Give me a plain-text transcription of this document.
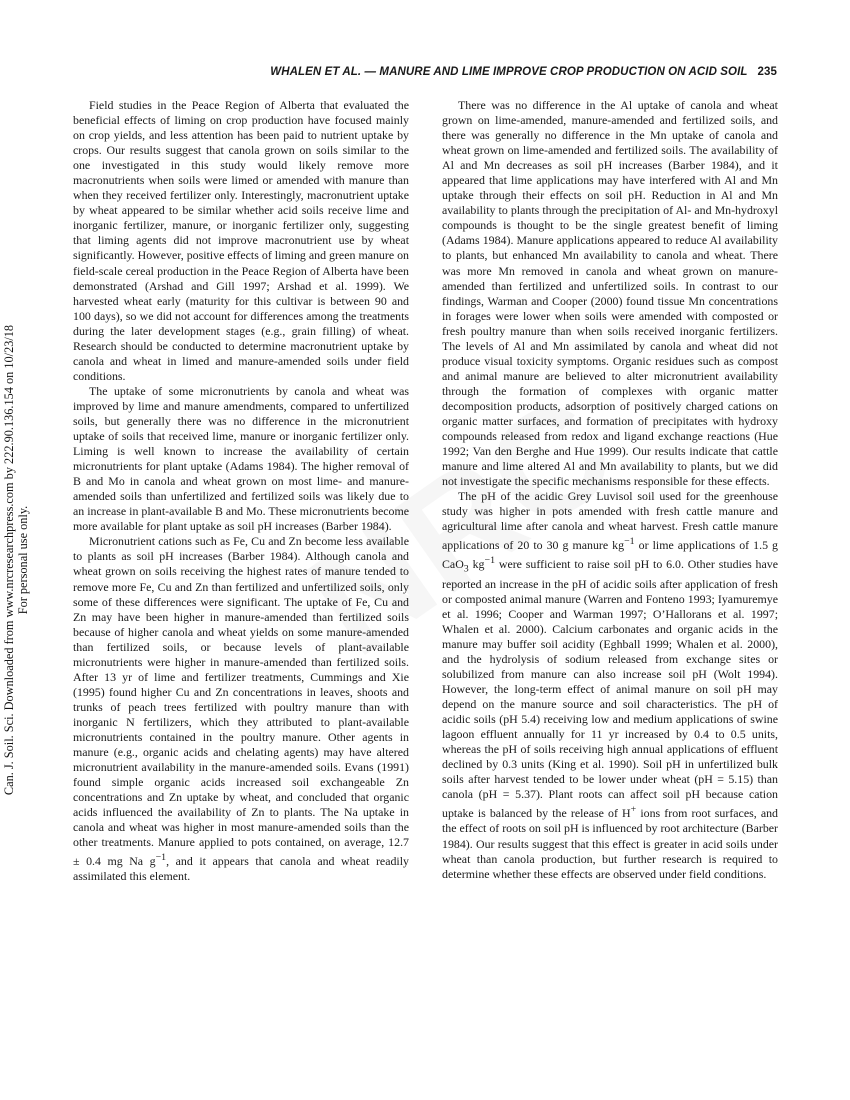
WHALEN ET AL. — MANURE AND LIME IMPROVE CROP PRODUCTION ON ACID SOIL 235
Can. J. Soil. Sci. Downloaded from www.nrcresearchpress.com by 222.90.136.154 on 10/23/18 For personal use only.

Field studies in the Peace Region of Alberta that evaluated the beneficial effects of liming on crop production have focused mainly on crop yields, and less attention has been paid to nutrient uptake by crops. Our results suggest that canola grown on soils similar to the one investigated in this study would likely remove more macronutrients when soils were limed or amended with manure than when they received fertilizer only. Interestingly, macronutrient uptake by wheat appeared to be similar whether acid soils receive lime and inorganic fertilizer, manure, or inorganic fertilizer only, suggesting that liming agents did not improve macronutrient use by wheat significantly. However, positive effects of liming and green manure on field-scale cereal production in the Peace Region of Alberta have been demonstrated (Arshad and Gill 1997; Arshad et al. 1999). We harvested wheat early (maturity for this cultivar is between 90 and 100 days), so we did not account for differences among the treatments during the later development stages (e.g., grain filling) of wheat. Research should be conducted to determine macronutrient uptake by canola and wheat in limed and manure-amended soils under field conditions.

The uptake of some micronutrients by canola and wheat was improved by lime and manure amendments, compared to unfertilized soils, but generally there was no difference in the micronutrient uptake of soils that received lime, manure or inorganic fertilizer only. Liming is well known to increase the availability of certain micronutrients for plant uptake (Adams 1984). The higher removal of B and Mo in canola and wheat grown on most lime- and manure-amended soils than unfertilized and fertilized soils was likely due to an increase in plant-available B and Mo. These micronutrients become more available for plant uptake as soil pH increases (Barber 1984).

Micronutrient cations such as Fe, Cu and Zn become less available to plants as soil pH increases (Barber 1984). Although canola and wheat grown on soils receiving the highest rates of manure tended to remove more Fe, Cu and Zn than fertilized and unfertilized soils, only some of these differences were significant. The uptake of Fe, Cu and Zn may have been higher in manure-amended than fertilized soils because of higher canola and wheat yields on some manure-amended than fertilized soils, or because levels of plant-available micronutrients were higher in manure-amended than fertilized soils. After 13 yr of lime and fertilizer treatments, Cummings and Xie (1995) found higher Cu and Zn concentrations in leaves, shoots and trunks of peach trees fertilized with poultry manure than with inorganic N fertilizers, which they attributed to plant-available micronutrients contained in the poultry manure. Other agents in manure (e.g., organic acids and chelating agents) may have altered micronutrient availability in the manure-amended soils. Evans (1991) found simple organic acids increased soil exchangeable Zn concentrations and Zn uptake by wheat, and concluded that organic acids influenced the availability of Zn to plants. The Na uptake in canola and wheat was higher in most manure-amended soils than the other treatments. Manure applied to pots contained, on average, 12.7 ± 0.4 mg Na $g^{-1}$, and it appears that canola and wheat readily assimilated this element.

There was no difference in the Al uptake of canola and wheat grown on lime-amended, manure-amended and fertilized soils, and there was generally no difference in the Mn uptake of canola and wheat grown on lime-amended and fertilized soils. The availability of Al and Mn decreases as soil pH increases (Barber 1984), and it appeared that lime applications may have interfered with Al and Mn uptake through their effects on soil pH. Reduction in Al and Mn availability to plants through the precipitation of Al- and Mn-hydroxyl compounds is thought to be the single greatest benefit of liming (Adams 1984). Manure applications appeared to reduce Al availability to plants, but enhanced Mn availability to canola and wheat. There was more Mn removed in canola and wheat grown on manure-amended than fertilized and unfertilized soils. In contrast to our findings, Warman and Cooper (2000) found tissue Mn concentrations in forages were lower when soils were amended with composted or fresh poultry manure than when soils received inorganic fertilizers. The levels of Al and Mn assimilated by canola and wheat did not produce visual toxicity symptoms. Organic residues such as compost and animal manure are believed to alter micronutrient availability through the formation of complexes with organic matter decomposition products, adsorption of positively charged cations on organic matter surfaces, and formation of precipitates with hydroxy compounds released from redox and ligand exchange reactions (Hue 1992; Van den Berghe and Hue 1999). Our results indicate that cattle manure and lime altered Al and Mn availability to plants, but we did not investigate the specific mechanisms responsible for these effects.

The pH of the acidic Grey Luvisol soil used for the greenhouse study was higher in pots amended with fresh cattle manure and agricultural lime after canola and wheat harvest. Fresh cattle manure applications of 20 to 30 g manure $kg^{-1}$ or lime applications of 1.5 g CaO$_3$ $kg^{-1}$ were sufficient to raise soil pH to 6.0. Other studies have reported an increase in the pH of acidic soils after application of fresh or composted animal manure (Warren and Fonteno 1993; Iyamuremye et al. 1996; Cooper and Warman 1997; O’Hallorans et al. 1997; Whalen et al. 2000). Calcium carbonates and organic acids in the manure may buffer soil acidity (Eghball 1999; Whalen et al. 2000), and the hydrolysis of sodium released from exchange sites or solubilized from manure can also increase soil pH (Wolt 1994). However, the long-term effect of animal manure on soil pH may depend on the manure source and soil characteristics. The pH of acidic soils (pH 5.4) receiving low and medium applications of swine lagoon effluent annually for 11 yr increased by 0.4 to 0.5 units, whereas the pH of soils receiving high annual applications of effluent declined by 0.3 units (King et al. 1990). Soil pH in unfertilized bulk soils after harvest tended to be lower under wheat (pH = 5.15) than canola (pH = 5.37). Plant roots can affect soil pH because cation uptake is balanced by the release of H+ ions from root surfaces, and the effect of roots on soil pH is influenced by root architecture (Barber 1984). Our results suggest that this effect is greater in acid soils under wheat than canola production, but further research is required to determine whether these effects are observed under field conditions.
